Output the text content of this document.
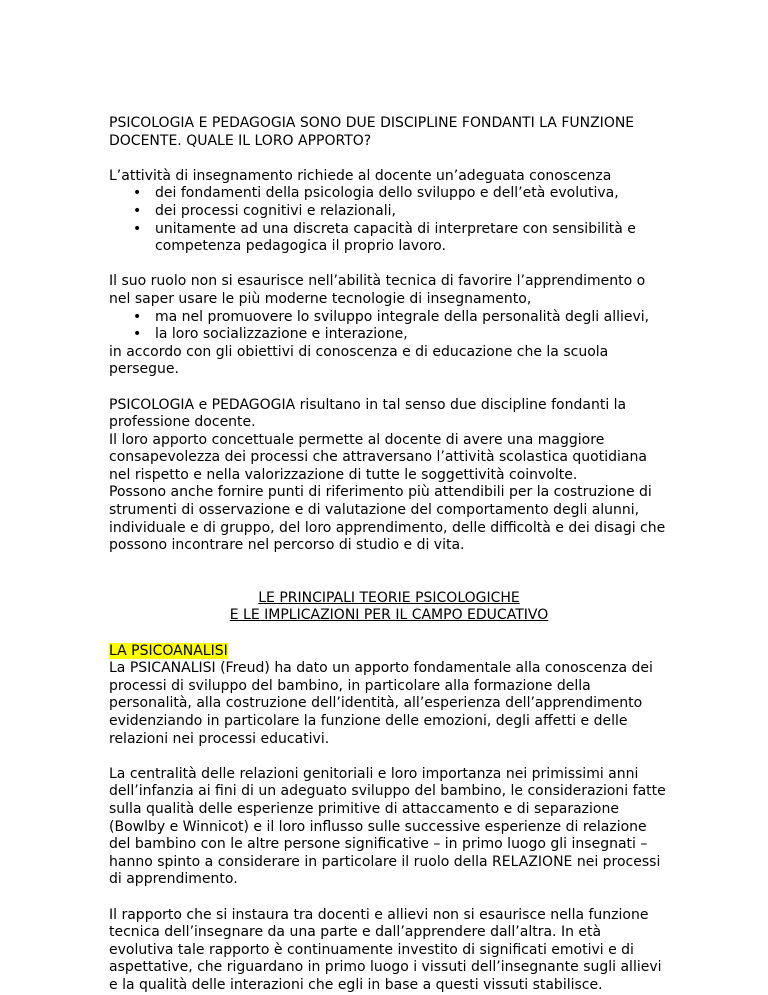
PSICOLOGIA E PEDAGOGIA SONO DUE DISCIPLINE FONDANTI LA FUNZIONE
DOCENTE. QUALE IL LORO APPORTO?

L’attività di insegnamento richiede al docente un’adeguata conoscenza

• dei fondamenti della psicologia dello sviluppo e dell’età evolutiva,
• dei processi cognitivi e relazionali,
• unitamente ad una discreta capacità di interpretare con sensibilità e competenza pedagogica il proprio lavoro.

Il suo ruolo non si esaurisce nell’abilità tecnica di favorire l’apprendimento o nel saper usare le più moderne tecnologie di insegnamento,

• ma nel promuovere lo sviluppo integrale della personalità degli allievi,
• la loro socializzazione e interazione,

in accordo con gli obiettivi di conoscenza e di educazione che la scuola persegue.

PSICOLOGIA e PEDAGOGIA risultano in tal senso due discipline fondanti la professione docente.

Il loro apporto concettuale permette al docente di avere una maggiore consapevolezza dei processi che attraversano l’attività scolastica quotidiana nel rispetto e nella valorizzazione di tutte le soggettività coinvolte.

Possono anche fornire punti di riferimento più attendibili per la costruzione di strumenti di osservazione e di valutazione del comportamento degli alunni, individuale e di gruppo, del loro apprendimento, delle difficoltà e dei disagi che possono incontrare nel percorso di studio e di vita.

LE PRINCIPALI TEORIE PSICOLOGICHE
E LE IMPLICAZIONI PER IL CAMPO EDUCATIVO

LA PSICOANALISI

La PSICANALISI (Freud) ha dato un apporto fondamentale alla conoscenza dei processi di sviluppo del bambino, in particolare alla formazione della personalità, alla costruzione dell’identità, all’esperienza dell’apprendimento evidenziando in particolare la funzione delle emozioni, degli affetti e delle relazioni nei processi educativi.

La centralità delle relazioni genitoriali e loro importanza nei primissimi anni dell’infanzia ai fini di un adeguato sviluppo del bambino, le considerazioni fatte sulla qualità delle esperienze primitive di attaccamento e di separazione (Bowlby e Winnicot) e il loro influsso sulle successive esperienze di relazione del bambino con le altre persone significative – in primo luogo gli insegnati – hanno spinto a considerare in particolare il ruolo della RELAZIONE nei processi di apprendimento.

Il rapporto che si instaura tra docenti e allievi non si esaurisce nella funzione tecnica dell’insegnare da una parte e dall’apprendere dall’altra. In età evolutiva tale rapporto è continuamente investito di significati emotivi e di aspettative, che riguardano in primo luogo i vissuti dell’insegnante sugli allievi e la qualità delle interazioni che egli in base a questi vissuti stabilisce.
